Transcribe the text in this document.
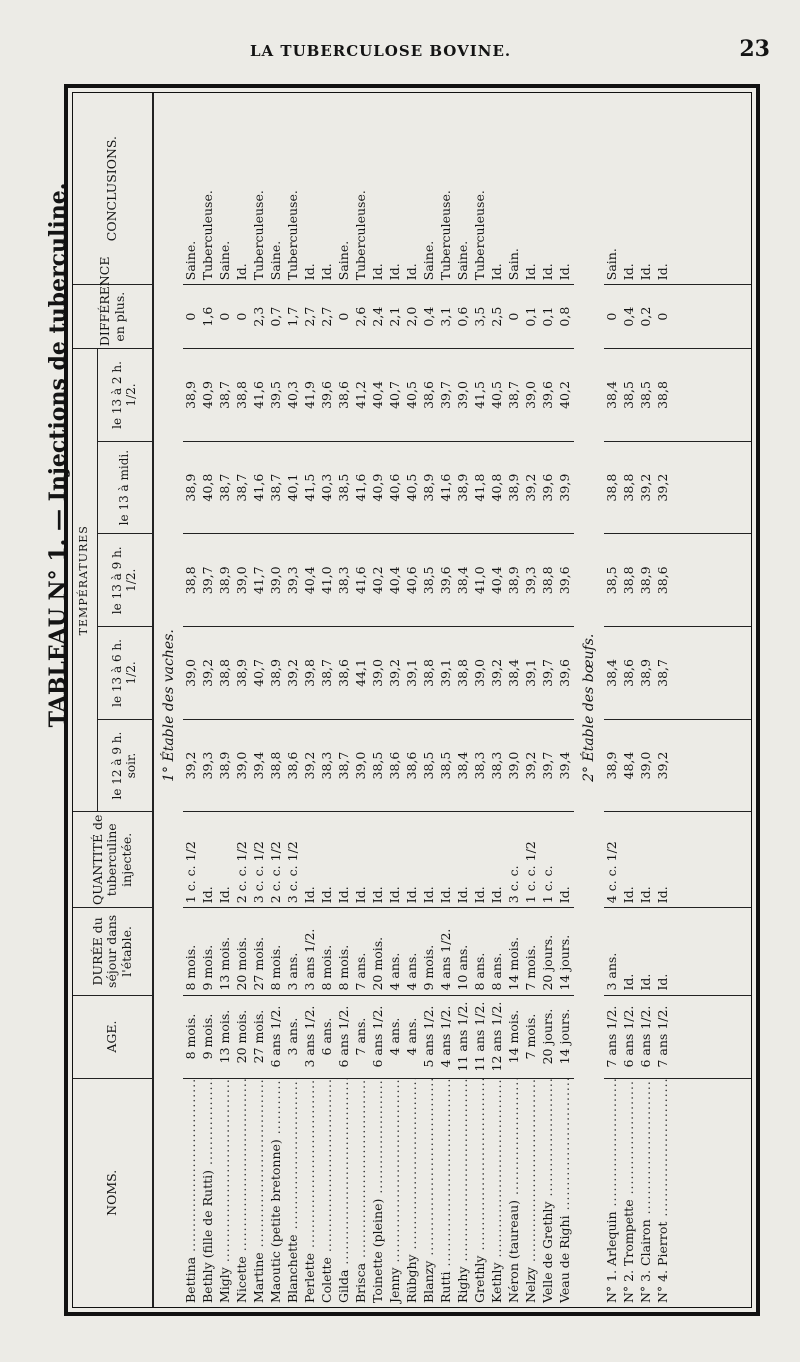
LA TUBERCULOSE BOVINE.	23
TABLEAU N° 1. — Injections de tuberculine.
NOMS.	AGE.	DURÉE du séjour dans l'étable.	QUANTITÉ de tuberculine injectée.	TEMPÉRATURES					DIFFÉRENCE en plus.	CONCLUSIONS.
				le 12 à 9 h. soir.	le 13 à 6 h. 1/2.	le 13 à 9 h. 1/2.	le 13 à midi.	le 13 à 2 h. 1/2.		
				1° Étable des vaches.						
Bettina .....	8 mois.	8 mois.	1 c. c. 1/2	39,2	39,0	38,8	38,9	38,9	0	Saine.
Bethly (fille de Rutti) .....	9 mois.	9 mois.	Id.	39,3	39,2	39,7	40,8	40,9	1,6	Tuberculeuse.
Migly .....	13 mois.	13 mois.	Id.	38,9	38,8	38,9	38,7	38,7	0	Saine.
Nicette .....	20 mois.	20 mois.	2 c. c. 1/2	39,0	38,9	39,0	38,7	38,8	0	Id.
Martine .....	27 mois.	27 mois.	3 c. c. 1/2	39,4	40,7	41,7	41,6	41,6	2,3	Tuberculeuse.
Maoutic (petite bretonne) .....	6 ans 1/2.	8 mois.	2 c. c. 1/2	38,8	38,9	39,0	38,7	39,5	0,7	Saine.
Blanchette .....	3 ans.	3 ans.	3 c. c. 1/2	38,6	39,2	39,3	40,1	40,3	1,7	Tuberculeuse.
Perlette .....	3 ans 1/2.	3 ans 1/2.	Id.	39,2	39,8	40,4	41,5	41,9	2,7	Id.
Colette .....	6 ans.	8 mois.	Id.	38,3	38,7	41,0	40,3	39,6	2,7	Id.
Gilda .....	6 ans 1/2.	8 mois.	Id.	38,7	38,6	38,3	38,5	38,6	0	Saine.
Brisca .....	7 ans.	7 ans.	Id.	39,0	44,1	41,6	41,6	41,2	2,6	Tuberculeuse.
Toinette (pleine) .....	6 ans 1/2.	20 mois.	Id.	38,5	39,0	40,2	40,9	40,4	2,4	Id.
Jenny .....	4 ans.	4 ans.	Id.	38,6	39,2	40,4	40,6	40,7	2,1	Id.
Rübghy .....	4 ans.	4 ans.	Id.	38,6	39,1	40,6	40,5	40,5	2,0	Id.
Blanzy .....	5 ans 1/2.	9 mois.	Id.	38,5	38,8	38,5	38,9	38,6	0,4	Saine.
Rutti .....	4 ans 1/2.	4 ans 1/2.	Id.	38,5	39,1	39,6	41,6	39,7	3,1	Tuberculeuse.
Righy .....	11 ans 1/2.	10 ans.	Id.	38,4	38,8	38,4	38,9	39,0	0,6	Saine.
Grethly .....	11 ans 1/2.	8 ans.	Id.	38,3	39,0	41,0	41,8	41,5	3,5	Tuberculeuse.
Kethly .....	12 ans 1/2.	8 ans.	Id.	38,3	39,2	40,4	40,8	40,5	2,5	Id.
Néron (taureau) .....	14 mois.	14 mois.	3 c. c.	39,0	38,4	38,9	38,9	38,7	0	Sain.
Nelzy .....	7 mois.	7 mois.	1 c. c. 1/2	39,2	39,1	39,3	39,2	39,0	0,1	Id.
Velle de Grethly .....	20 jours.	20 jours.	1 c. c.	39,7	39,7	38,8	39,6	39,6	0,1	Id.
Veau de Righi .....	14 jours.	14 jours.	Id.	39,4	39,6	39,6	39,9	40,2	0,8	Id.
				2° Étable des bœufs.						
N° 1. Arlequin .....	7 ans 1/2.	3 ans.	4 c. c. 1/2	38,9	38,4	38,5	38,8	38,4	0	Sain.
N° 2. Trompette .....	6 ans 1/2.	Id.	Id.	48,4	38,6	38,8	38,8	38,5	0,4	Id.
N° 3. Clairon .....	6 ans 1/2.	Id.	Id.	39,0	38,9	38,9	39,2	38,5	0,2	Id.
N° 4. Pierrot .....	7 ans 1/2.	Id.	Id.	39,2	38,7	38,6	39,2	38,8	0	Id.
